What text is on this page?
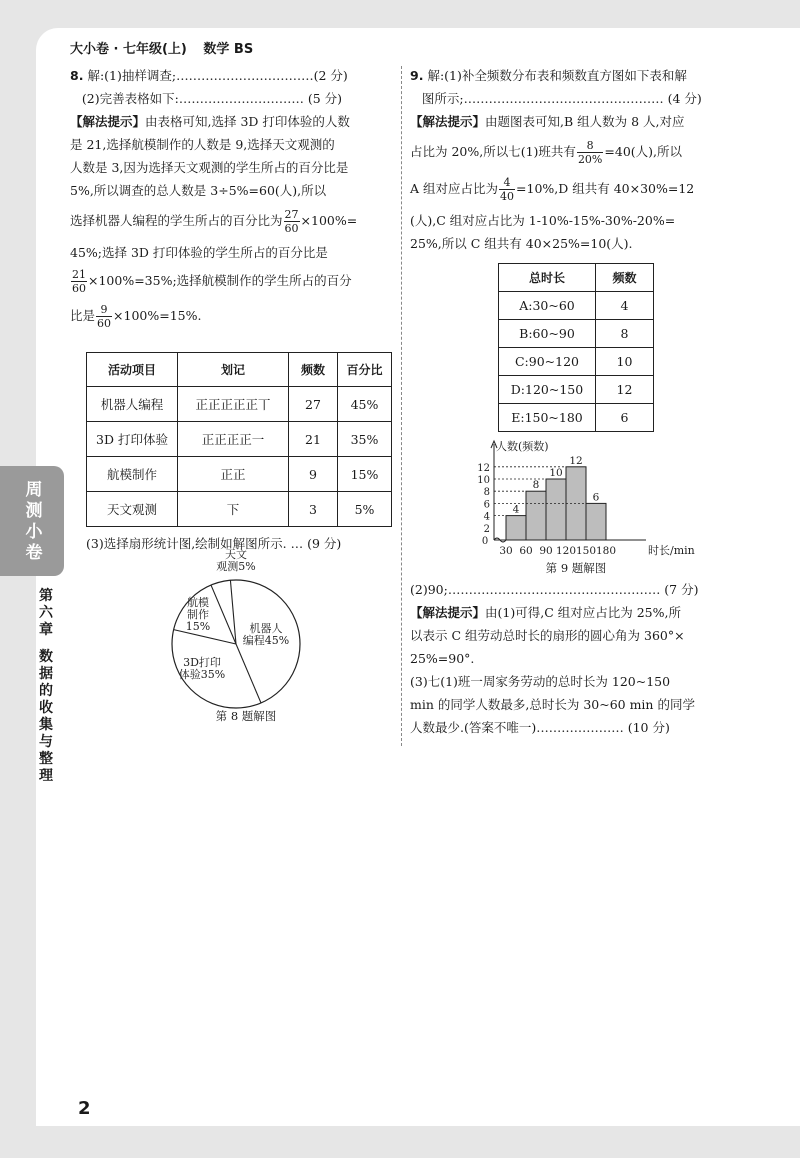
大小卷 · 七年级(上) 数学 BS
周
测
小
卷
第
六
章
数
据
的
收
集
与
整
理

8. 解:(1)抽样调查;……………………………(2 分)

(2)完善表格如下:………………………… (5 分)

【解法提示】由表格可知,选择 3D 打印体验的人数

是 21,选择航模制作的人数是 9,选择天文观测的

人数是 3,因为选择天文观测的学生所占的百分比是

5%,所以调查的总人数是 3÷5%=60(人),所以

选择机器人编程的学生所占的百分比为 $\frac{27}{60} \times 100\%=$

45%;选择 3D 打印体验的学生所占的百分比是

$\frac{21}{60} \times 100\%=35\%$;选择航模制作的学生所占的百分

比是 $\frac{9}{60} \times 100\%=15\%$.

活动项目	划记	频数	百分比
机器人编程	正正正正正丅	27	45%
3D 打印体验	正正正正一	21	35%
航模制作	正正	9	15%
天文观测	下	3	5%

(3)选择扇形统计图,绘制如解图所示. … (9 分)

机器人编程45%
3D打印体验35%
航模制作 15%
天文观测5%
第 8 题解图

9. 解:(1)补全频数分布表和频数直方图如下表和解

图所示;………………………………………… (4 分)

【解法提示】由题图表可知,B 组人数为 8 人,对应

占比为 20%,所以七(1)班共有 $\frac{8}{20\%} =40$(人),所以

A 组对应占比为 $\frac{4}{40} =10\%,D$ 组共有 40×30%=12

(人),C 组对应占比为 1-10%-15%-30%-20%=

25%,所以 C 组共有 40×25%=10(人).

总时长	频数
A:30~60	4
B:60~90	8
C:90~120	10
D:120~150	12
E:150~180	6
人数(频数)
时长/min
0
2
4
6
8
10
12
4
8
10
12
6
30 60 90 120 150 180
第 9 题解图

(2)90;…………………………………………… (7 分)

【解法提示】由(1)可得,C 组对应占比为 25%,所

以表示 C 组劳动总时长的扇形的圆心角为 360°×

25%=90°.

(3)七(1)班一周家务劳动的总时长为 120~150

min 的同学人数最多,总时长为 30~60 min 的同学

人数最少.(答案不唯一)………………… (10 分)

2
